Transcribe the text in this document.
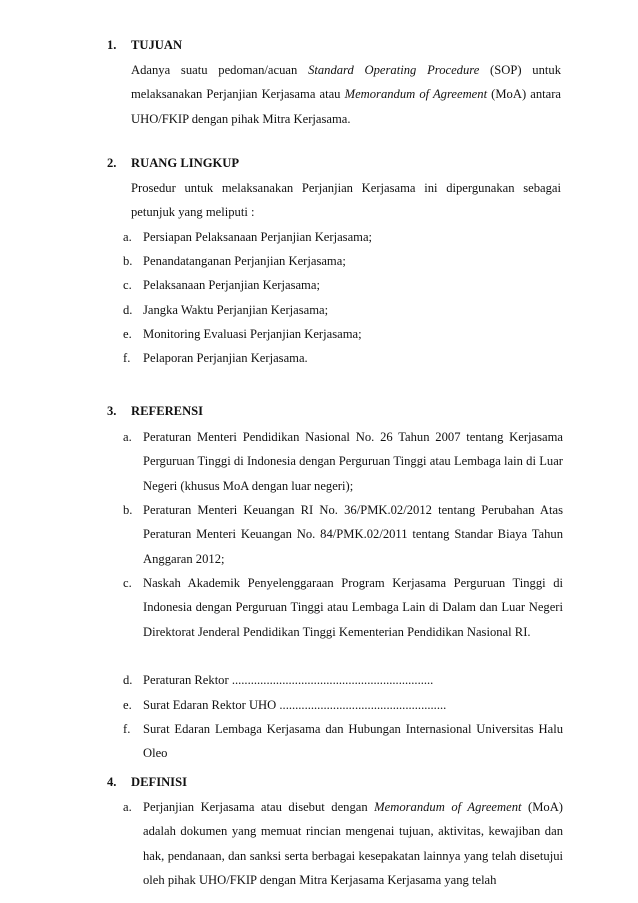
1. TUJUAN
Adanya suatu pedoman/acuan Standard Operating Procedure (SOP) untuk melaksanakan Perjanjian Kerjasama atau Memorandum of Agreement (MoA) antara UHO/FKIP dengan pihak Mitra Kerjasama.
2. RUANG LINGKUP
Prosedur untuk melaksanakan Perjanjian Kerjasama ini dipergunakan sebagai petunjuk yang meliputi :
a. Persiapan Pelaksanaan Perjanjian Kerjasama;
b. Penandatanganan Perjanjian Kerjasama;
c. Pelaksanaan Perjanjian Kerjasama;
d. Jangka Waktu Perjanjian Kerjasama;
e. Monitoring Evaluasi Perjanjian Kerjasama;
f.	Pelaporan Perjanjian Kerjasama.
3. REFERENSI
a. Peraturan Menteri Pendidikan Nasional No. 26 Tahun 2007 tentang Kerjasama Perguruan Tinggi di Indonesia dengan Perguruan Tinggi atau Lembaga lain di Luar Negeri (khusus MoA dengan luar negeri);
b. Peraturan Menteri Keuangan RI No. 36/PMK.02/2012 tentang Perubahan Atas Peraturan Menteri Keuangan No. 84/PMK.02/2011 tentang Standar Biaya Tahun Anggaran 2012;
c. Naskah Akademik Penyelenggaraan Program Kerjasama Perguruan Tinggi di Indonesia dengan Perguruan Tinggi atau Lembaga Lain di Dalam dan Luar Negeri Direktorat Jenderal Pendidikan Tinggi Kementerian Pendidikan Nasional RI.
d. Peraturan Rektor ................................................................
e. Surat Edaran Rektor UHO .....................................................
f.	Surat Edaran Lembaga Kerjasama dan Hubungan Internasional Universitas Halu Oleo
4. DEFINISI
a. Perjanjian Kerjasama atau disebut dengan Memorandum of Agreement (MoA) adalah dokumen yang memuat rincian mengenai tujuan, aktivitas, kewajiban dan hak, pendanaan, dan sanksi serta berbagai kesepakatan lainnya yang telah disetujui oleh pihak UHO/FKIP dengan Mitra Kerjasama Kerjasama yang telah
